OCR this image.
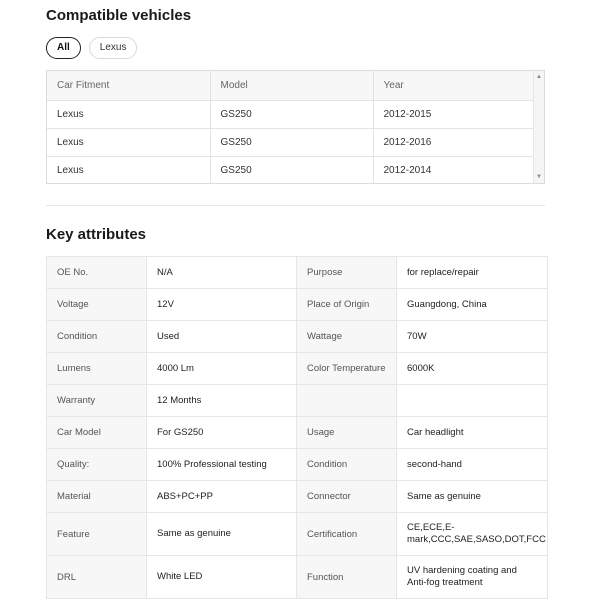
Compatible vehicles
All	Lexus
Car Fitment	Model	Year
Lexus	GS250	2012-2015
Lexus	GS250	2012-2016
Lexus	GS250	2012-2014
▲
▼
Key attributes
OE No.	N/A	Purpose	for replace/repair
Voltage	12V	Place of Origin	Guangdong, China
Condition	Used	Wattage	70W
Lumens	4000 Lm	Color Temperature	6000K
Warranty	12 Months		
Car Model	For GS250	Usage	Car headlight
Quality:	100% Professional testing	Condition	second-hand
Material	ABS+PC+PP	Connector	Same as genuine
Feature	Same as genuine	Certification	CE,ECE,E-mark,CCC,SAE,SASO,DOT,FCC
DRL	White LED	Function	UV hardening coating and Anti-fog treatment
